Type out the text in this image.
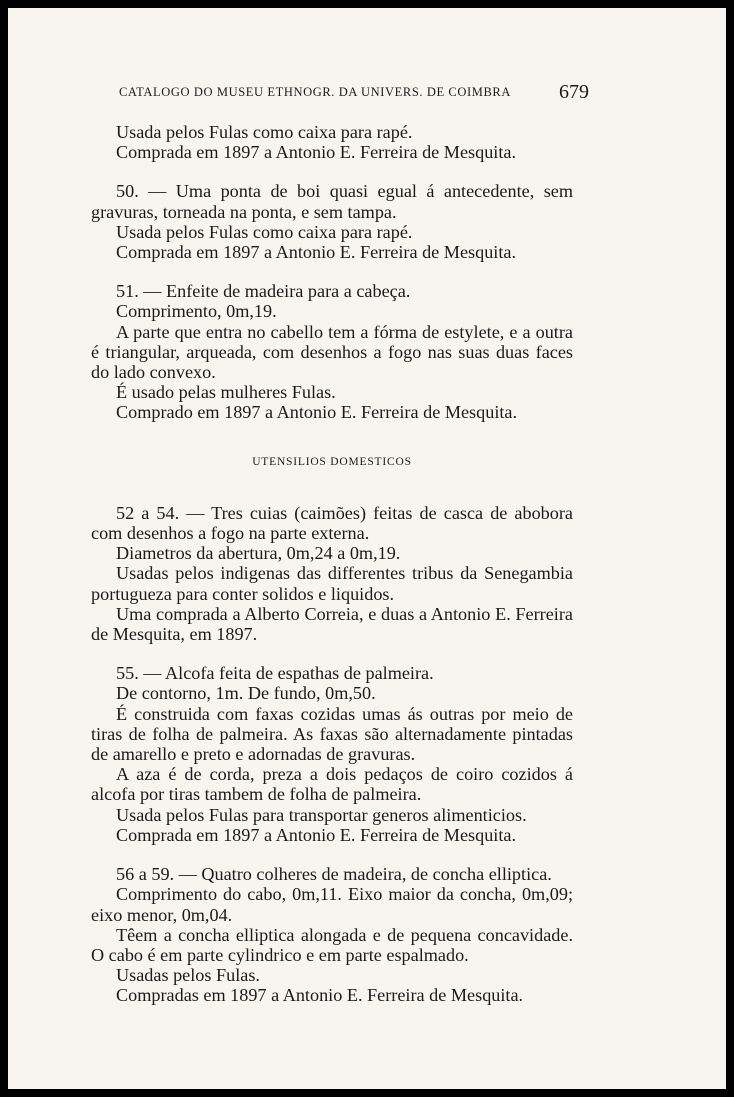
CATALOGO DO MUSEU ETHNOGR. DA UNIVERS. DE COIMBRA 679

Usada pelos Fulas como caixa para rapé.

Comprada em 1897 a Antonio E. Ferreira de Mesquita.

50. — Uma ponta de boi quasi egual á antecedente, sem gravuras, torneada na ponta, e sem tampa.

Usada pelos Fulas como caixa para rapé.

Comprada em 1897 a Antonio E. Ferreira de Mesquita.

51. — Enfeite de madeira para a cabeça.

Comprimento, 0m,19.

A parte que entra no cabello tem a fórma de estylete, e a outra é triangular, arqueada, com desenhos a fogo nas suas duas faces do lado convexo.

É usado pelas mulheres Fulas.

Comprado em 1897 a Antonio E. Ferreira de Mesquita.

UTENSILIOS DOMESTICOS

52 a 54. — Tres cuias (caimões) feitas de casca de abobora com desenhos a fogo na parte externa.

Diametros da abertura, 0m,24 a 0m,19.

Usadas pelos indigenas das differentes tribus da Senegambia portugueza para conter solidos e liquidos.

Uma comprada a Alberto Correia, e duas a Antonio E. Ferreira de Mesquita, em 1897.

55. — Alcofa feita de espathas de palmeira.

De contorno, 1m. De fundo, 0m,50.

É construida com faxas cozidas umas ás outras por meio de tiras de folha de palmeira. As faxas são alternadamente pintadas de amarello e preto e adornadas de gravuras.

A aza é de corda, preza a dois pedaços de coiro cozidos á alcofa por tiras tambem de folha de palmeira.

Usada pelos Fulas para transportar generos alimenticios.

Comprada em 1897 a Antonio E. Ferreira de Mesquita.

56 a 59. — Quatro colheres de madeira, de concha elliptica.

Comprimento do cabo, 0m,11. Eixo maior da concha, 0m,09; eixo menor, 0m,04.

Têem a concha elliptica alongada e de pequena concavidade. O cabo é em parte cylindrico e em parte espalmado.

Usadas pelos Fulas.

Compradas em 1897 a Antonio E. Ferreira de Mesquita.
